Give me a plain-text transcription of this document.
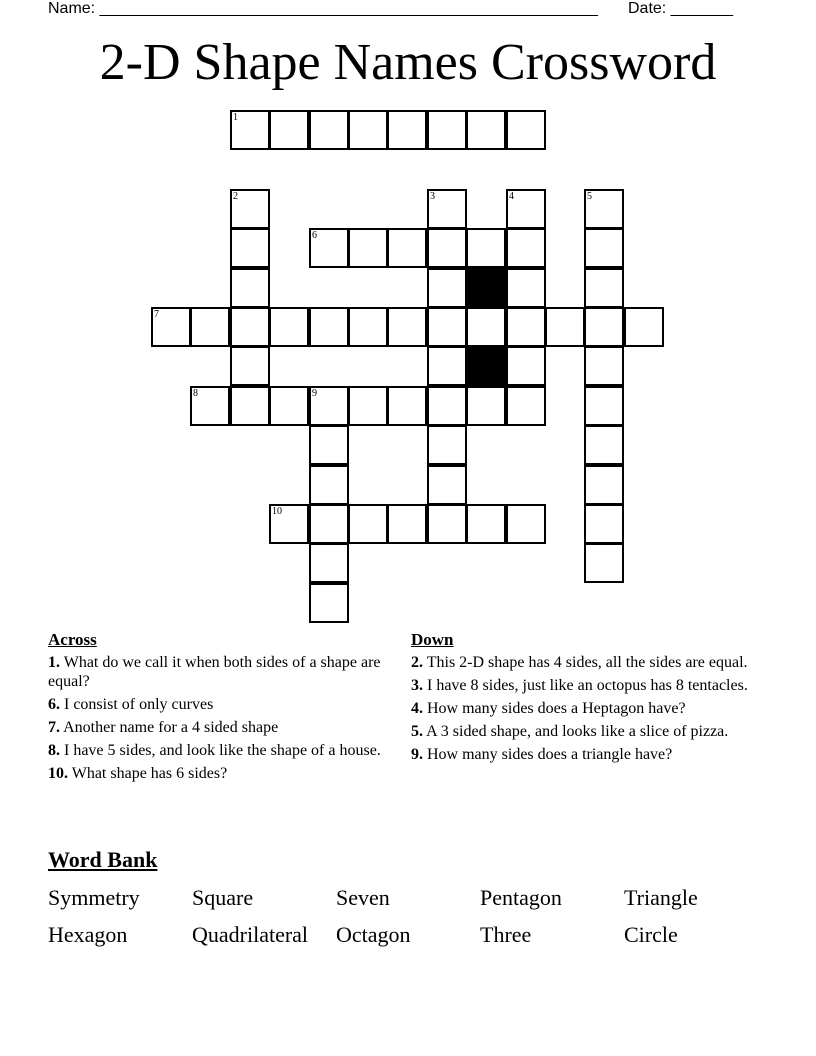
Name: ________________________________________________________ Date: _______
2-D Shape Names Crossword
1
2	3	4	5
6
7
8	9
10
Across
1. What do we call it when both sides of a shape are equal?
6. I consist of only curves
7. Another name for a 4 sided shape
8. I have 5 sides, and look like the shape of a house.
10. What shape has 6 sides?
Down
2. This 2-D shape has 4 sides, all the sides are equal.
3. I have 8 sides, just like an octopus has 8 tentacles.
4. How many sides does a Heptagon have?
5. A 3 sided shape, and looks like a slice of pizza.
9. How many sides does a triangle have?
Word Bank
Symmetry Square	Seven	Pentagon	Triangle
Hexagon	Quadrilateral Octagon	Three	Circle
